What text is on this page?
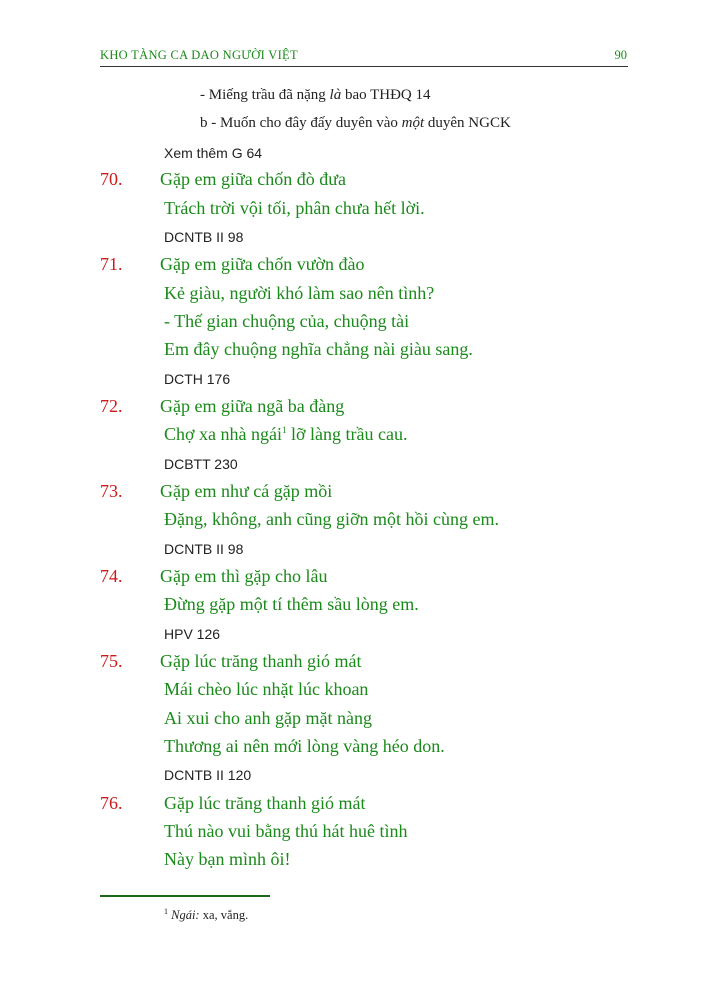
KHO TÀNG CA DAO NGƯỜI VIỆT	90
- Miếng trầu đã nặng là bao THĐQ 14
b - Muốn cho đây đấy duyên vào một duyên NGCK
Xem thêm G 64
70. Gặp em giữa chốn đò đưa
Trách trời vội tối, phân chưa hết lời.
DCNTB II 98
71. Gặp em giữa chốn vườn đào
Kẻ giàu, người khó làm sao nên tình?
- Thế gian chuộng của, chuộng tài
Em đây chuộng nghĩa chẳng nài giàu sang.
DCTH 176
72. Gặp em giữa ngã ba đàng
Chợ xa nhà ngái$^1$ lỡ làng trầu cau.
DCBTT 230
73. Gặp em như cá gặp mồi
Đặng, không, anh cũng giỡn một hồi cùng em.
DCNTB II 98
74. Gặp em thì gặp cho lâu
Đừng gặp một tí thêm sầu lòng em.
HPV 126
75. Gặp lúc trăng thanh gió mát
Mái chèo lúc nhặt lúc khoan
Ai xui cho anh gặp mặt nàng
Thương ai nên mới lòng vàng héo don.
DCNTB II 120
76. Gặp lúc trăng thanh gió mát
Thú nào vui bằng thú hát huê tình
Này bạn mình ôi!
$^1$ Ngái: xa, vắng.
